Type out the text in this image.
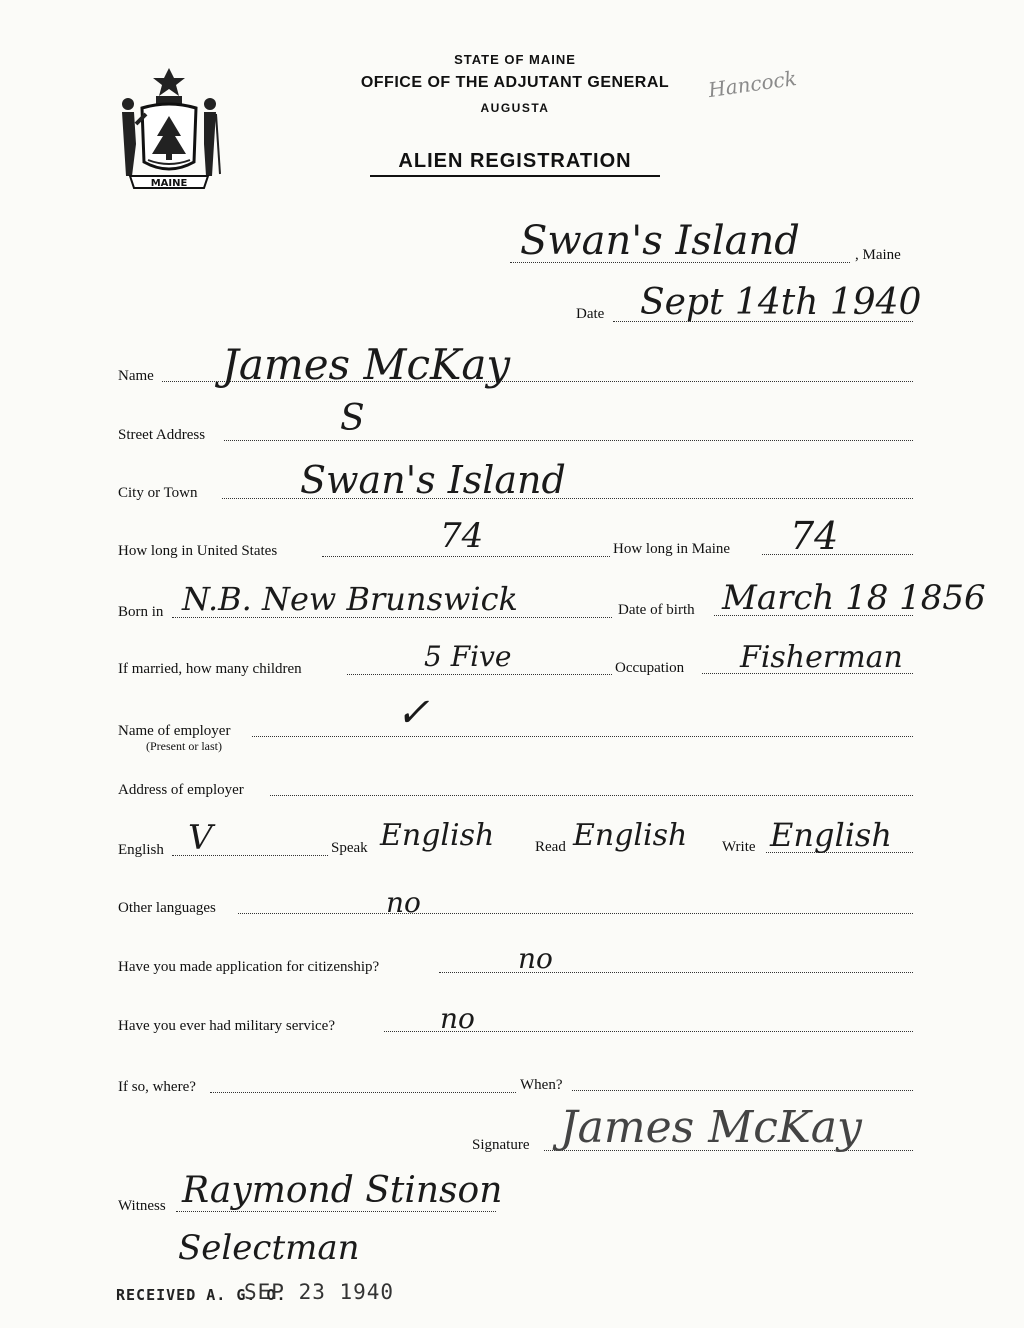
MAINE
STATE OF MAINE
OFFICE OF THE ADJUTANT GENERAL
AUGUSTA
ALIEN REGISTRATION
Hancock
Swan's Island	, Maine
Date Sept 14th 1940
Name James McKay
Street Address	S
City or Town	Swan's Island
How long in United States	74	How long in Maine 74
Born in N.B. New Brunswick	Date of birth March 18 1856
If married, how many children	5 Five	Occupation Fisherman
Name of employer
(Present or last)
✓
Address of employer
English V	Speak English	Read English Write English
Other languages	no
Have you made application for citizenship?	no
Have you ever had military service?	no
If so, where?	When?
Signature James McKay
Witness Raymond Stinson
Selectman
RECEIVED A. G. O.
SEP 23 1940
